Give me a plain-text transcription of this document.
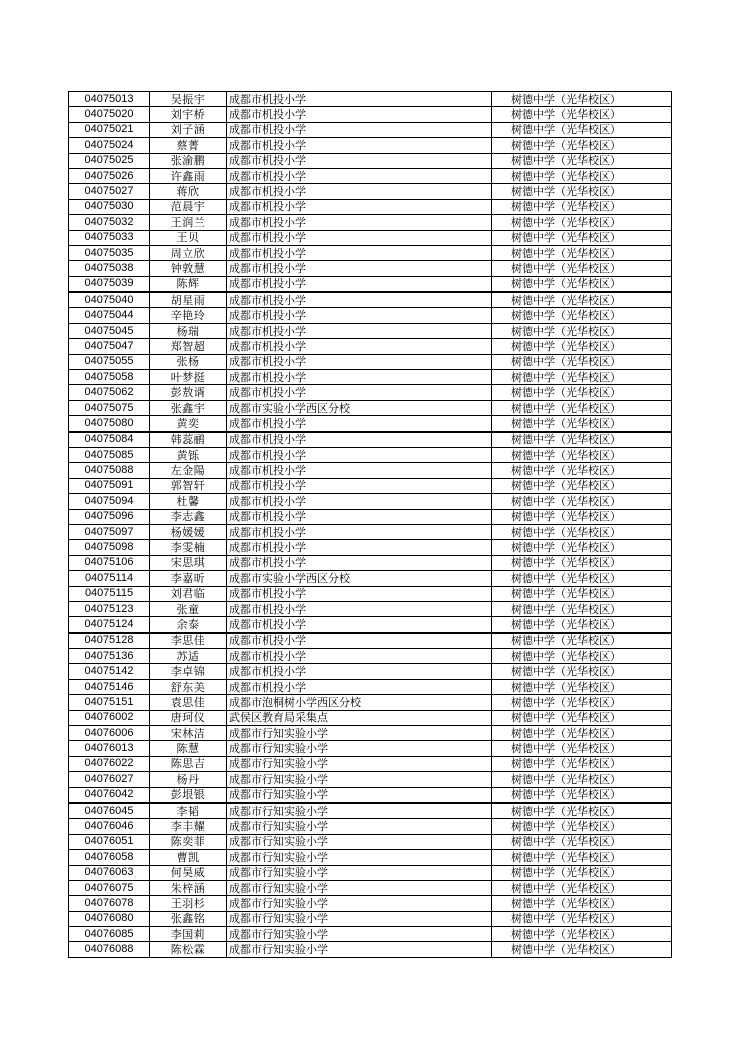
04075013	吴振宇	成都市机投小学	树德中学（光华校区）
04075020	刘宇桥	成都市机投小学	树德中学（光华校区）
04075021	刘子涵	成都市机投小学	树德中学（光华校区）
04075024	蔡菁	成都市机投小学	树德中学（光华校区）
04075025	张渝鹏	成都市机投小学	树德中学（光华校区）
04075026	许鑫雨	成都市机投小学	树德中学（光华校区）
04075027	蒋欣	成都市机投小学	树德中学（光华校区）
04075030	范晨宇	成都市机投小学	树德中学（光华校区）
04075032	王润兰	成都市机投小学	树德中学（光华校区）
04075033	王贝	成都市机投小学	树德中学（光华校区）
04075035	周立欣	成都市机投小学	树德中学（光华校区）
04075038	钟敦慧	成都市机投小学	树德中学（光华校区）
04075039	陈辉	成都市机投小学	树德中学（光华校区）
04075040	胡星雨	成都市机投小学	树德中学（光华校区）
04075044	辛艳玲	成都市机投小学	树德中学（光华校区）
04075045	杨瑞	成都市机投小学	树德中学（光华校区）
04075047	郑智超	成都市机投小学	树德中学（光华校区）
04075055	张杨	成都市机投小学	树德中学（光华校区）
04075058	叶梦挺	成都市机投小学	树德中学（光华校区）
04075062	彭敖谞	成都市机投小学	树德中学（光华校区）
04075075	张鑫宇	成都市实验小学西区分校	树德中学（光华校区）
04075080	黄奕	成都市机投小学	树德中学（光华校区）
04075084	韩蕊鹂	成都市机投小学	树德中学（光华校区）
04075085	黄铄	成都市机投小学	树德中学（光华校区）
04075088	左金陽	成都市机投小学	树德中学（光华校区）
04075091	郭智轩	成都市机投小学	树德中学（光华校区）
04075094	杜馨	成都市机投小学	树德中学（光华校区）
04075096	李志鑫	成都市机投小学	树德中学（光华校区）
04075097	杨媛媛	成都市机投小学	树德中学（光华校区）
04075098	李雯楠	成都市机投小学	树德中学（光华校区）
04075106	宋思琪	成都市机投小学	树德中学（光华校区）
04075114	李嘉昕	成都市实验小学西区分校	树德中学（光华校区）
04075115	刘君临	成都市机投小学	树德中学（光华校区）
04075123	张童	成都市机投小学	树德中学（光华校区）
04075124	余泰	成都市机投小学	树德中学（光华校区）
04075128	李思佳	成都市机投小学	树德中学（光华校区）
04075136	苏适	成都市机投小学	树德中学（光华校区）
04075142	李卓锦	成都市机投小学	树德中学（光华校区）
04075146	舒东美	成都市机投小学	树德中学（光华校区）
04075151	袁思佳	成都市泡桐树小学西区分校	树德中学（光华校区）
04076002	唐珂仪	武侯区教育局采集点	树德中学（光华校区）
04076006	宋林洁	成都市行知实验小学	树德中学（光华校区）
04076013	陈慧	成都市行知实验小学	树德中学（光华校区）
04076022	陈思吉	成都市行知实验小学	树德中学（光华校区）
04076027	杨丹	成都市行知实验小学	树德中学（光华校区）
04076042	彭垠银	成都市行知实验小学	树德中学（光华校区）
04076045	李韬	成都市行知实验小学	树德中学（光华校区）
04076046	李丰耀	成都市行知实验小学	树德中学（光华校区）
04076051	陈奕菲	成都市行知实验小学	树德中学（光华校区）
04076058	曹凯	成都市行知实验小学	树德中学（光华校区）
04076063	何昊威	成都市行知实验小学	树德中学（光华校区）
04076075	朱梓涵	成都市行知实验小学	树德中学（光华校区）
04076078	王羽杉	成都市行知实验小学	树德中学（光华校区）
04076080	张鑫铭	成都市行知实验小学	树德中学（光华校区）
04076085	李国莉	成都市行知实验小学	树德中学（光华校区）
04076088	陈松霖	成都市行知实验小学	树德中学（光华校区）
